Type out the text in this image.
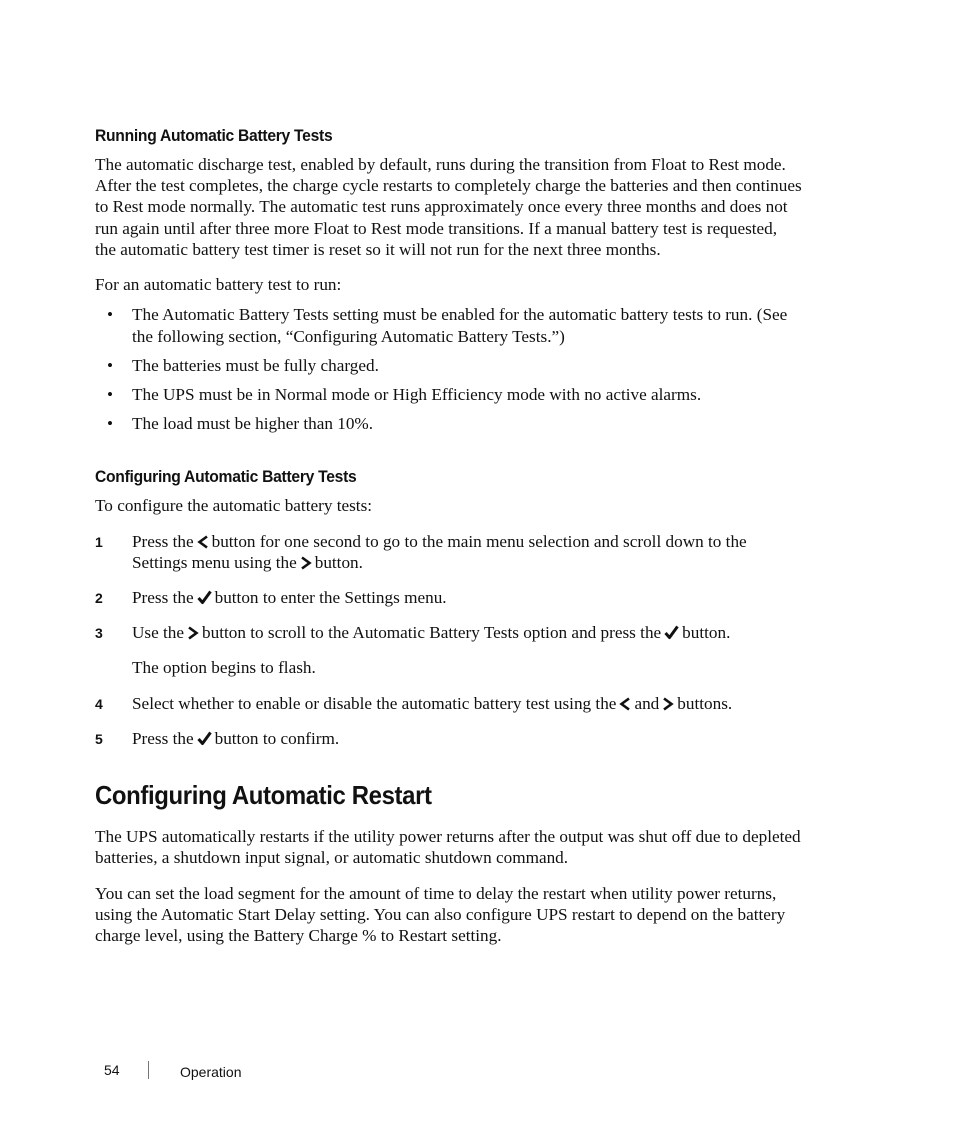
Running Automatic Battery Tests
The automatic discharge test, enabled by default, runs during the transition from Float to Rest mode.
After the test completes, the charge cycle restarts to completely charge the batteries and then continues
to Rest mode normally. The automatic test runs approximately once every three months and does not
run again until after three more Float to Rest mode transitions. If a manual battery test is requested,
the automatic battery test timer is reset so it will not run for the next three months.
For an automatic battery test to run:
• The Automatic Battery Tests setting must be enabled for the automatic battery tests to run. (See
the following section, “Configuring Automatic Battery Tests.”)
• The batteries must be fully charged.
• The UPS must be in Normal mode or High Efficiency mode with no active alarms.
• The load must be higher than 10%.
Configuring Automatic Battery Tests
To configure the automatic battery tests:
1 Press the button for one second to go to the main menu selection and scroll down to the
Settings menu using the button.
2 Press the button to enter the Settings menu.
3 Use the button to scroll to the Automatic Battery Tests option and press the button.
The option begins to flash.
4 Select whether to enable or disable the automatic battery test using the and buttons.
5 Press the button to confirm.
Configuring Automatic Restart
The UPS automatically restarts if the utility power returns after the output was shut off due to depleted
batteries, a shutdown input signal, or automatic shutdown command.
You can set the load segment for the amount of time to delay the restart when utility power returns,
using the Automatic Start Delay setting. You can also configure UPS restart to depend on the battery
charge level, using the Battery Charge % to Restart setting.
54	Operation
